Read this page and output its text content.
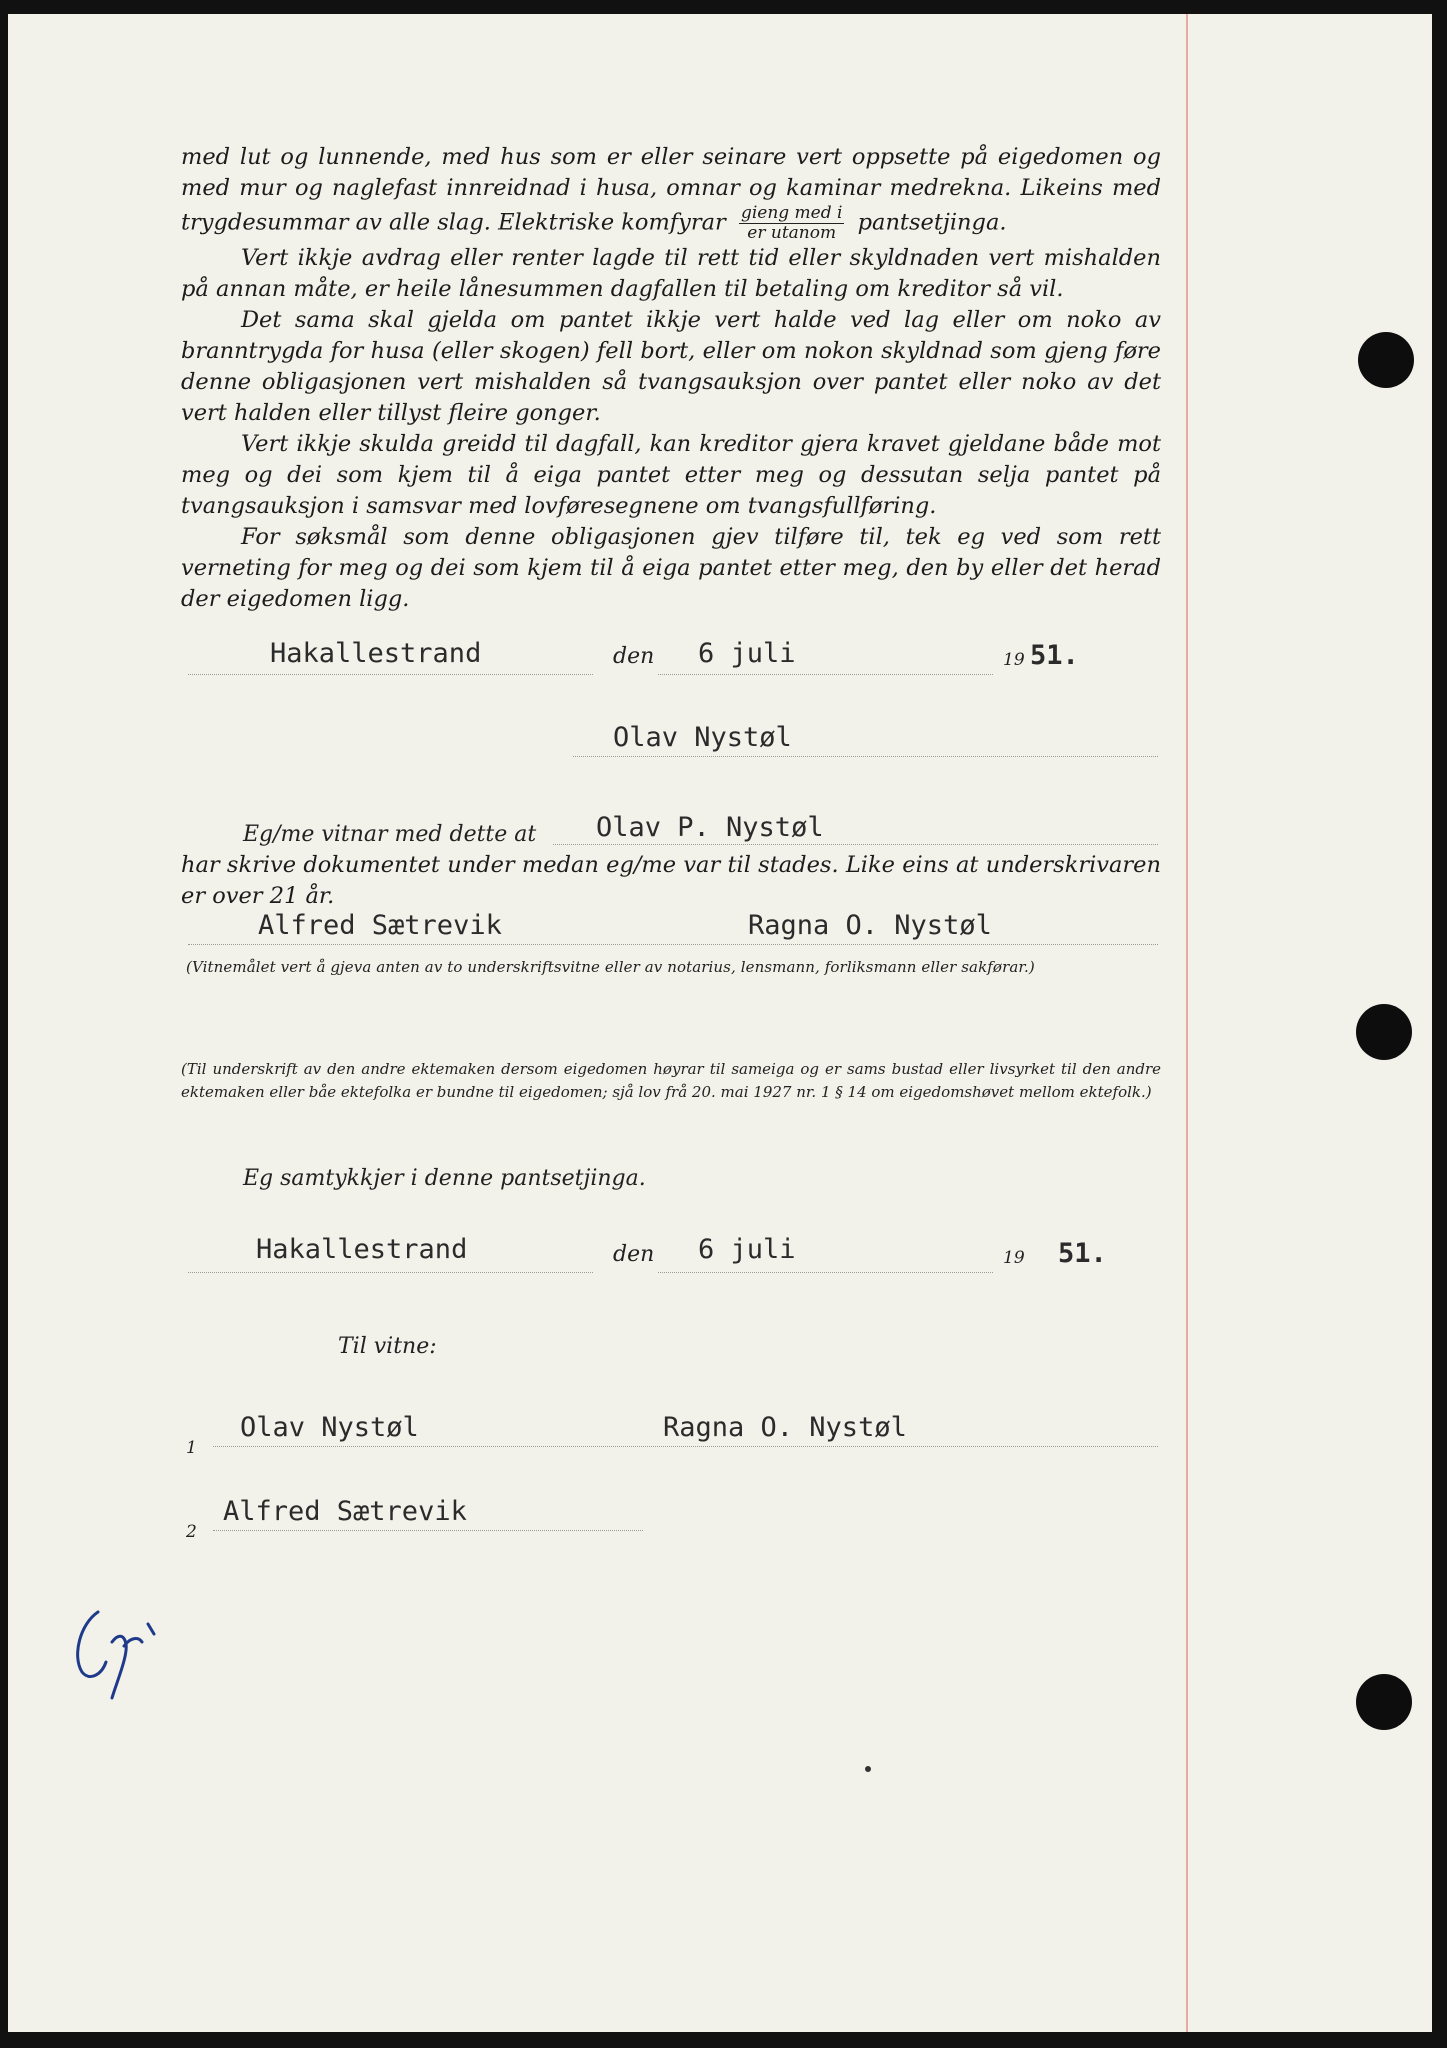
med lut og lunnende, med hus som er eller seinare vert oppsette på eigedomen og med mur og naglefast innreidnad i husa, omnar og kaminar medrekna. Likeins med trygdesummar av alle slag. Elektriske komfyrar $\frac{\text{gieng med i}}{\text{er utanom}}$ pantsetjinga.

Vert ikkje avdrag eller renter lagde til rett tid eller skyldnaden vert mishalden på annan måte, er heile lånesummen dagfallen til betaling om kreditor så vil.

Det sama skal gjelda om pantet ikkje vert halde ved lag eller om noko av branntrygda for husa (eller skogen) fell bort, eller om nokon skyldnad som gjeng føre denne obligasjonen vert mishalden så tvangsauksjon over pantet eller noko av det vert halden eller tillyst fleire gonger.

Vert ikkje skulda greidd til dagfall, kan kreditor gjera kravet gjeldane både mot meg og dei som kjem til å eiga pantet etter meg og dessutan selja pantet på tvangsauksjon i samsvar med lovføresegnene om tvangsfullføring.

For søksmål som denne obligasjonen gjev tilføre til, tek eg ved som rett verneting for meg og dei som kjem til å eiga pantet etter meg, den by eller det herad der eigedomen ligg.

Hakallestrand	den 6 juli	19 51.
Olav Nystøl
Eg/me vitnar med dette at Olav P. Nystøl

har skrive dokumentet under medan eg/me var til stades. Like eins at underskrivaren er over 21 år.

Alfred Sætrevik	Ragna O. Nystøl
(Vitnemålet vert å gjeva anten av to underskriftsvitne eller av notarius, lensmann, forliksmann eller sakførar.)
(Til underskrift av den andre ektemaken dersom eigedomen høyrar til sameiga og er sams bustad eller livsyrket til den andre ektemaken eller båe ektefolka er bundne til eigedomen; sjå lov frå 20. mai 1927 nr. 1 § 14 om eigedomshøvet mellom ektefolk.)
Eg samtykkjer i denne pantsetjinga.
Hakallestrand	den 6 juli	19 51.
Til vitne:
1
Olav Nystøl	Ragna O. Nystøl
2
Alfred Sætrevik
